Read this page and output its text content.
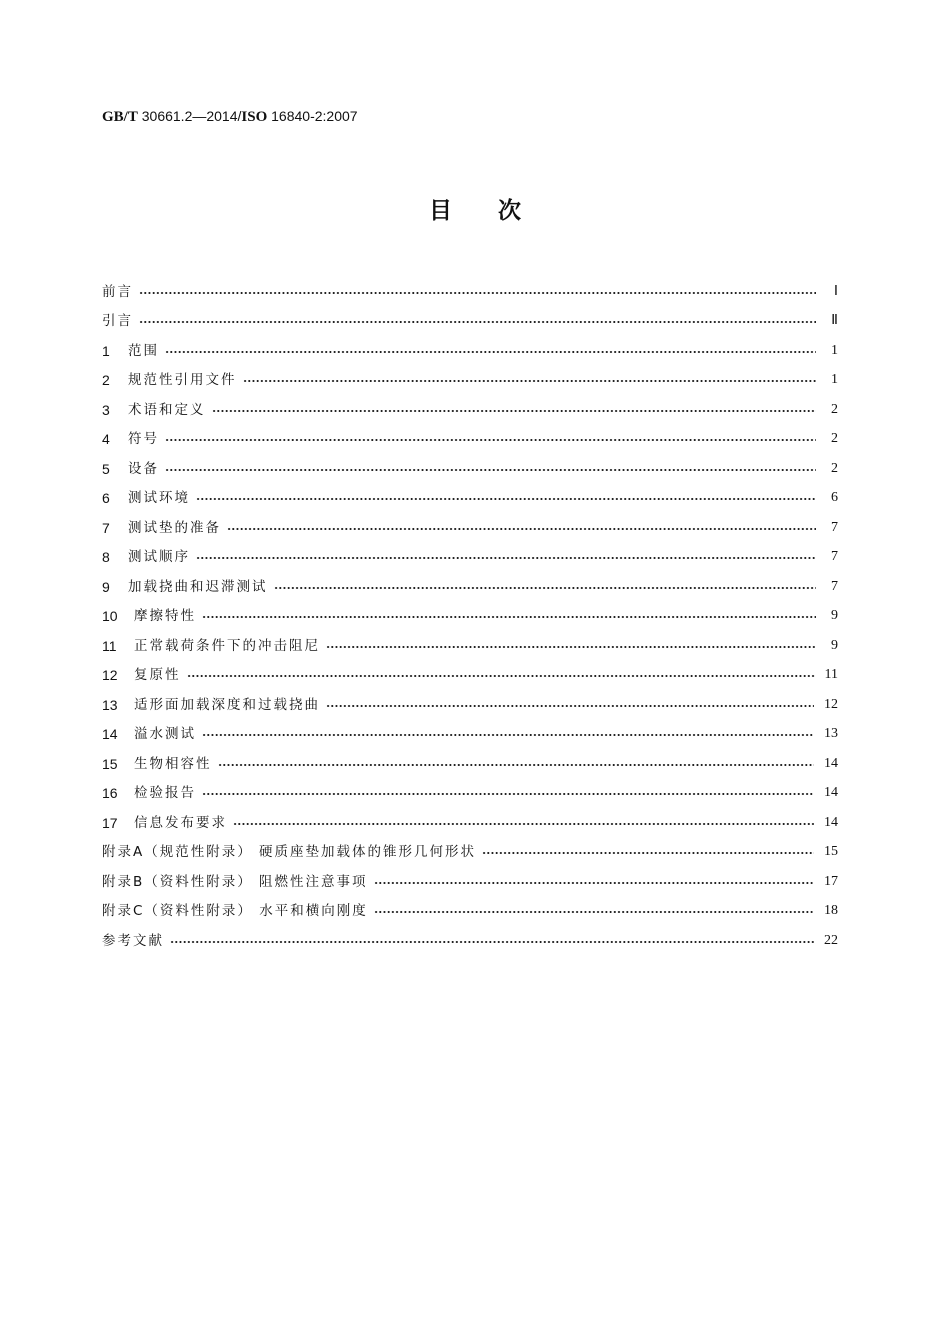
GB/T 30661.2—2014/ISO 16840-2:2007
目次
前言	Ⅰ
引言	Ⅱ
1	范围	1
2	规范性引用文件	1
3	术语和定义	2
4	符号	2
5	设备	2
6	测试环境	6
7	测试垫的准备	7
8	测试顺序	7
9	加载挠曲和迟滞测试	7
10	摩擦特性	9
11	正常载荷条件下的冲击阻尼	9
12	复原性	11
13	适形面加载深度和过载挠曲	12
14	溢水测试	13
15	生物相容性	14
16	检验报告	14
17	信息发布要求	14
附录A（规范性附录） 硬质座垫加载体的锥形几何形状	15
附录B（资料性附录） 阻燃性注意事项	17
附录C（资料性附录） 水平和横向刚度	18
参考文献	22
